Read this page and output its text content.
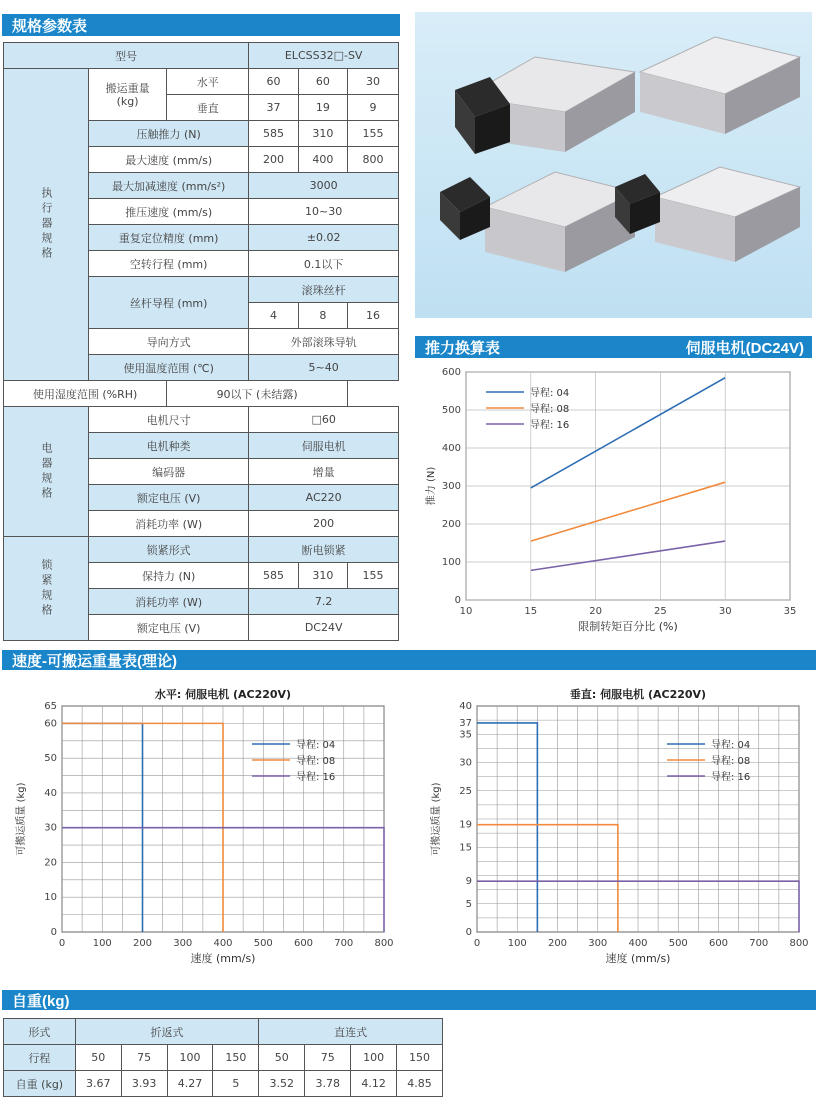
规格参数表
型号			ELCSS32□-SV		
执行器规格	搬运重量
(kg)	水平	60	60	30
		垂直	37	19	9
	压触推力 (N)		585	310	155
	最大速度 (mm/s)		200	400	800
	最大加减速度 (mm/s²)		3000		
	推压速度 (mm/s)		10~30		
	重复定位精度 (mm)		±0.02		
	空转行程 (mm)		0.1以下		
	丝杆导程 (mm)		滚珠丝杆		
			4	8	16
	导向方式		外部滚珠导轨		
	使用温度范围 (℃)		5~40		
使用湿度范围 (%RH)		90以下 (未结露)			
电器规格	电机尺寸		□60		
	电机种类		伺服电机		
	编码器		增量		
	额定电压 (V)		AC220		
	消耗功率 (W)		200		
锁紧规格	锁紧形式		断电锁紧		
	保持力 (N)		585	310	155
	消耗功率 (W)		7.2		
	额定电压 (V)		DC24V		
推力换算表	伺服电机(DC24V)
10	15	20	25	30	35
0
100
200
300
400
500
600
限制转矩百分比 (%)
推力 (N)
导程: 04
导程: 08
导程: 16
速度-可搬运重量表(理论)
0	100 200 300 400 500 600 700 800
0
10
20
30
40
50
60
65
速度 (mm/s)
可搬运质量 (kg)
水平: 伺服电机 (AC220V)
导程: 04
导程: 08
导程: 16
0	100 200 300 400 500 600 700 800
0
5
9
15
19
25
30
35
37
40
速度 (mm/s)
可搬运质量 (kg)
垂直: 伺服电机 (AC220V)
导程: 04
导程: 08
导程: 16
自重(kg)
形式	折返式				直连式			
行程	50	75	100	150	50	75	100	150
自重 (kg)	3.67	3.93	4.27	5	3.52	3.78	4.12	4.85
